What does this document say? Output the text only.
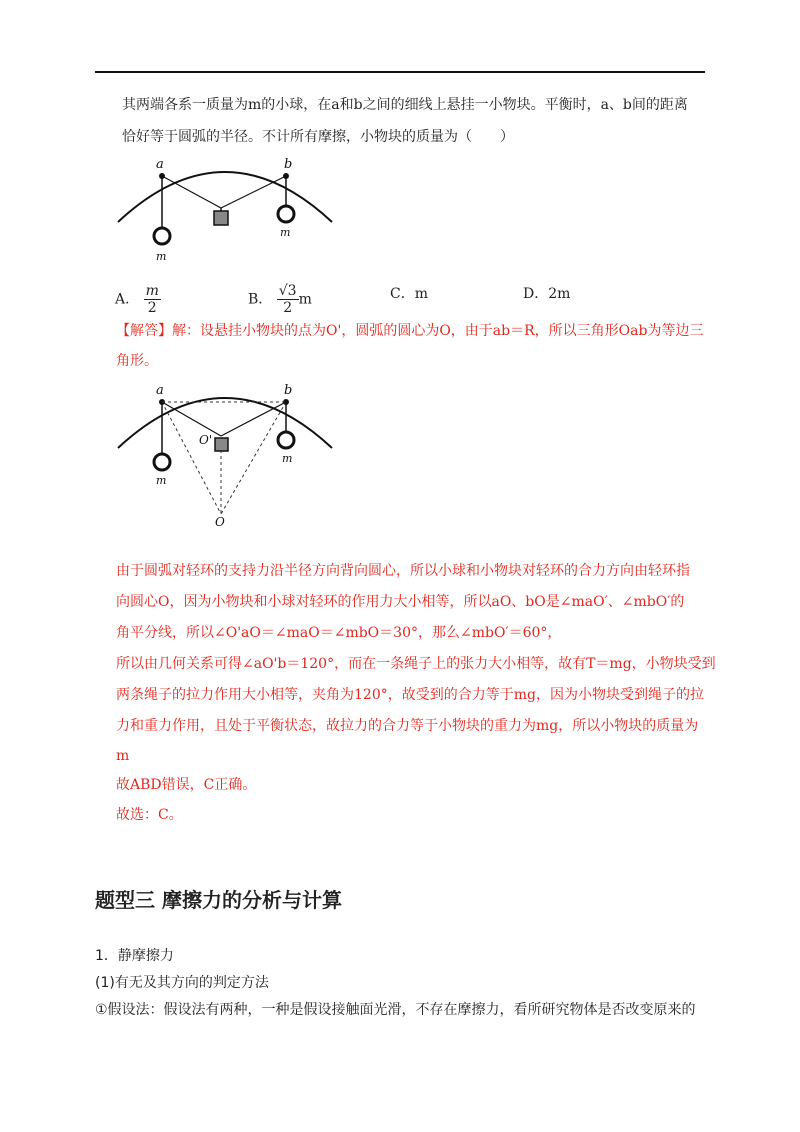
其两端各系一质量为m的小球，在a和b之间的细线上悬挂一小物块。平衡时，a、b间的距离
恰好等于圆弧的半径。不计所有摩擦，小物块的质量为（　　）
a	b
m
m
A． $\frac{m}{2}$	B． $\frac{√3}{2}$ m	C．m	D．2m
【解答】解：设悬挂小物块的点为O'，圆弧的圆心为O，由于ab＝R，所以三角形Oab为等边三
角形。
a	b
O'
O
m
m
由于圆弧对轻环的支持力沿半径方向背向圆心，所以小球和小物块对轻环的合力方向由轻环指
向圆心O，因为小物块和小球对轻环的作用力大小相等，所以aO、bO是∠maO′、∠mbO′的
角平分线，所以∠O'aO＝∠maO＝∠mbO＝30°，那么∠mbO′＝60°，
所以由几何关系可得∠aO'b＝120°，而在一条绳子上的张力大小相等，故有T＝mg，小物块受到
两条绳子的拉力作用大小相等，夹角为120°，故受到的合力等于mg，因为小物块受到绳子的拉
力和重力作用，且处于平衡状态，故拉力的合力等于小物块的重力为mg，所以小物块的质量为
m
故ABD错误，C正确。
故选：C。
题型三 摩擦力的分析与计算
1．静摩擦力
(1)有无及其方向的判定方法
①假设法：假设法有两种，一种是假设接触面光滑，不存在摩擦力，看所研究物体是否改变原来的
